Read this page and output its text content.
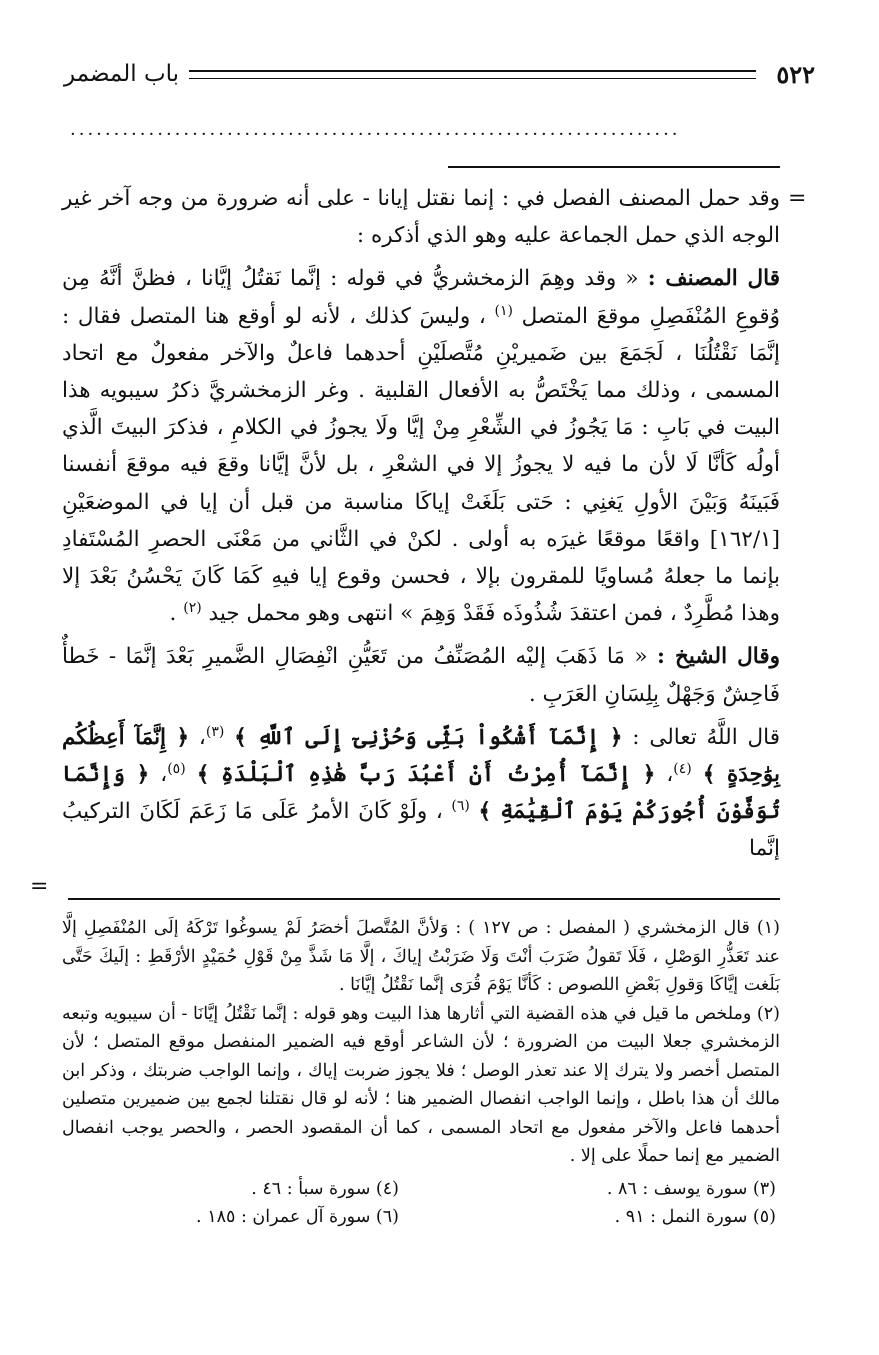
٥٢٢
باب المضمر
······································································
=

وقد حمل المصنف الفصل في : إنما نقتل إيانا - على أنه ضرورة من وجه آخر غير الوجه الذي حمل الجماعة عليه وهو الذي أذكره :

قال المصنف : « وقد وهِمَ الزمخشريُّ في قوله : إنَّما نَقتُلُ إيَّانا ، فظنَّ أنَّهُ مِن وُقوعِ المُنْفَصِلِ موقعَ المتصل $^{(١)}$ ، وليسَ كذلك ، لأنه لو أوقع هنا المتصل فقال : إنَّمَا نَقْتُلُنَا ، لَجَمَعَ بين ضَميريْنِ مُتَّصلَيْنِ أحدهما فاعلٌ والآخر مفعولٌ مع اتحاد المسمى ، وذلك مما يَخْتَصُّ به الأفعال القلبية . وغر الزمخشريَّ ذكرُ سيبويه هذا البيت في بَابِ : مَا يَجُوزُ في الشِّعْرِ مِنْ إيَّا ولَا يجوزُ في الكلامِ ، فذكرَ البيتَ الَّذي أولُه كَأنَّا لَا لأن ما فيه لا يجوزُ إلا في الشعْرِ ، بل لأنَّ إيَّانا وقعَ فيه موقعَ أنفسنا فَبَينَهُ وَبَيْنَ الأولِ يَغنِي : حَتى بَلَغَتْ إياكَا مناسبة من قبل أن إيا في الموضعَيْنِ [١٦٢/١] واقعًا موقعًا غيرَه به أولى . لكنْ في الثَّاني من مَعْنَى الحصرِ المُسْتَفادِ بإنما ما جعلهُ مُساويًا للمقرون بإلا ، فحسن وقوع إيا فيهِ كَمَا كَانَ يَحْسُنُ بَعْدَ إلا وهذا مُطَّرِدٌ ، فمن اعتقدَ شُذُوذَه فَقَدْ وَهِمَ » انتهى وهو محمل جيد $^{(٢)}$ .

وقال الشيخ : « مَا ذَهَبَ إليْه المُصَنِّفُ من تَعَيُّنِ انْفِصَالِ الضَّميرِ بَعْدَ إنَّمَا - خَطأٌ فَاحِشٌ وَجَهْلٌ بِلِسَانِ العَرَبِ .

قال اللَّهُ تعالى : ﴿ إِنَّمَآ أَشْكُواْ بَثِّى وَحُزْنِىٓ إِلَى ٱللَّهِ ﴾ $^{(٣)}$، ﴿ إِنَّمَآ أَعِظُكُم بِوَٰحِدَةٍ ﴾ $^{(٤)}$، ﴿ إِنَّمَآ أُمِرْتُ أَنْ أَعْبُدَ رَبَّ هَٰذِهِ ٱلْبَلْدَةِ ﴾ $^{(٥)}$، ﴿ وَإِنَّمَا تُوَفَّوْنَ أُجُورَكُمْ يَوْمَ ٱلْقِيَٰمَةِ ﴾ $^{(٦)}$ ، ولَوْ كَانَ الأمرُ عَلَى مَا زَعَمَ لَكَانَ التركيبُ إنَّما

=

(١) قال الزمخشري ( المفصل : ص ١٢٧ ) : وَلأنَّ المُتَّصلَ أخصَرُ لَمْ يسوغُوا تَرْكَهُ إلَى المُنْفَصِلِ إلَّا عند تَعَذُّرِ الوَصْلِ ، فَلَا تَقولُ ضَرَبَ أنْتَ وَلَا ضَرَبْتُ إياكَ ، إلَّا مَا شَذَّ مِنْ قَوْلِ حُمَيْدٍ الأرْقَطِ : إلَيكَ حَتَّى بَلَغت إيَّاكَا وَقولِ بَعْضِ اللصوص : كَأنَّا يَوْمَ قُرَى إنَّما نَقْتُلُ إيَّانَا .

(٢) وملخص ما قيل في هذه القضية التي أثارها هذا البيت وهو قوله : إنَّما نَقْتُلُ إيَّانَا - أن سيبويه وتبعه الزمخشري جعلا البيت من الضرورة ؛ لأن الشاعر أوقع فيه الضمير المنفصل موقع المتصل ؛ لأن المتصل أخصر ولا يترك إلا عند تعذر الوصل ؛ فلا يجوز ضربت إياك ، وإنما الواجب ضربتك ، وذكر ابن مالك أن هذا باطل ، وإنما الواجب انفصال الضمير هنا ؛ لأنه لو قال نقتلنا لجمع بين ضميرين متصلين أحدهما فاعل والآخر مفعول مع اتحاد المسمى ، كما أن المقصود الحصر ، والحصر يوجب انفصال الضمير مع إنما حملًا على إلا .

(٣) سورة يوسف : ٨٦ .
(٤) سورة سبأ : ٤٦ .
(٥) سورة النمل : ٩١ .
(٦) سورة آل عمران : ١٨٥ .
